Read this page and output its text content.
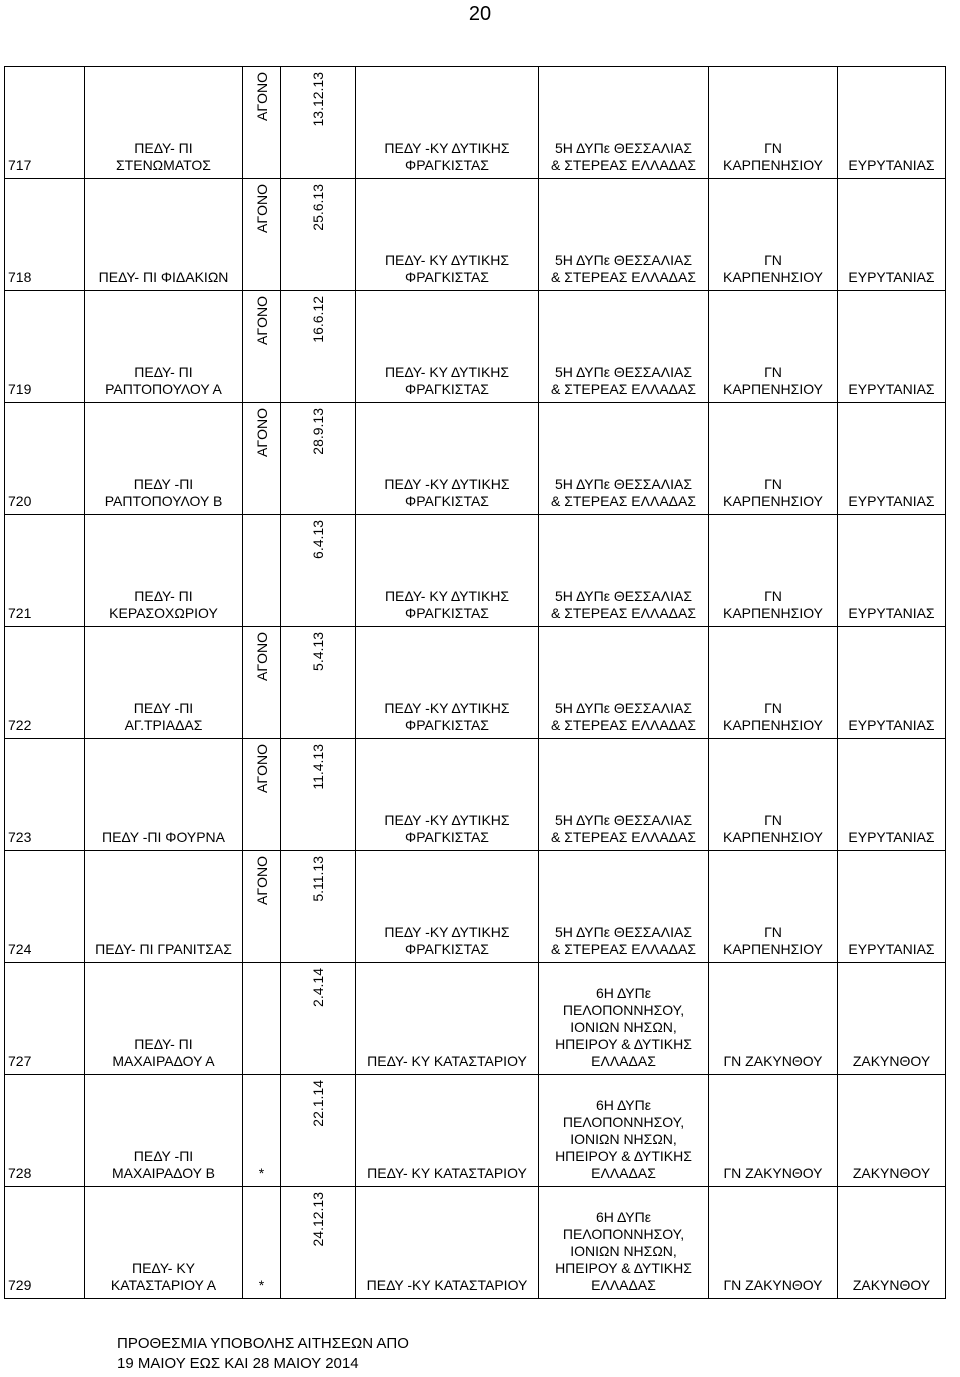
20
717	ΠΕΔΥ- ΠΙ
ΣΤΕΝΩΜΑΤΟΣ	ΑΓΟΝΟ	13.12.13	ΠΕΔΥ -ΚΥ ΔΥΤΙΚΗΣ
ΦΡΑΓΚΙΣΤΑΣ	5Η ΔΥΠε ΘΕΣΣΑΛΙΑΣ
& ΣΤΕΡΕΑΣ ΕΛΛΑΔΑΣ	ΓΝ
ΚΑΡΠΕΝΗΣΙΟΥ	ΕΥΡΥΤΑΝΙΑΣ
718	ΠΕΔΥ- ΠΙ ΦΙΔΑΚΙΩΝ	ΑΓΟΝΟ	25.6.13	ΠΕΔΥ- ΚΥ ΔΥΤΙΚΗΣ
ΦΡΑΓΚΙΣΤΑΣ	5Η ΔΥΠε ΘΕΣΣΑΛΙΑΣ
& ΣΤΕΡΕΑΣ ΕΛΛΑΔΑΣ	ΓΝ
ΚΑΡΠΕΝΗΣΙΟΥ	ΕΥΡΥΤΑΝΙΑΣ
719	ΠΕΔΥ- ΠΙ
ΡΑΠΤΟΠΟΥΛΟΥ Α	ΑΓΟΝΟ	16.6.12	ΠΕΔΥ- ΚΥ ΔΥΤΙΚΗΣ
ΦΡΑΓΚΙΣΤΑΣ	5Η ΔΥΠε ΘΕΣΣΑΛΙΑΣ
& ΣΤΕΡΕΑΣ ΕΛΛΑΔΑΣ	ΓΝ
ΚΑΡΠΕΝΗΣΙΟΥ	ΕΥΡΥΤΑΝΙΑΣ
720	ΠΕΔΥ -ΠΙ
ΡΑΠΤΟΠΟΥΛΟΥ Β	ΑΓΟΝΟ	28.9.13	ΠΕΔΥ -ΚΥ ΔΥΤΙΚΗΣ
ΦΡΑΓΚΙΣΤΑΣ	5Η ΔΥΠε ΘΕΣΣΑΛΙΑΣ
& ΣΤΕΡΕΑΣ ΕΛΛΑΔΑΣ	ΓΝ
ΚΑΡΠΕΝΗΣΙΟΥ	ΕΥΡΥΤΑΝΙΑΣ
721	ΠΕΔΥ- ΠΙ
ΚΕΡΑΣΟΧΩΡΙΟΥ		6.4.13	ΠΕΔΥ- ΚΥ ΔΥΤΙΚΗΣ
ΦΡΑΓΚΙΣΤΑΣ	5Η ΔΥΠε ΘΕΣΣΑΛΙΑΣ
& ΣΤΕΡΕΑΣ ΕΛΛΑΔΑΣ	ΓΝ
ΚΑΡΠΕΝΗΣΙΟΥ	ΕΥΡΥΤΑΝΙΑΣ
722	ΠΕΔΥ -ΠΙ
ΑΓ.ΤΡΙΑΔΑΣ	ΑΓΟΝΟ	5.4.13	ΠΕΔΥ -ΚΥ ΔΥΤΙΚΗΣ
ΦΡΑΓΚΙΣΤΑΣ	5Η ΔΥΠε ΘΕΣΣΑΛΙΑΣ
& ΣΤΕΡΕΑΣ ΕΛΛΑΔΑΣ	ΓΝ
ΚΑΡΠΕΝΗΣΙΟΥ	ΕΥΡΥΤΑΝΙΑΣ
723	ΠΕΔΥ -ΠΙ ΦΟΥΡΝΑ	ΑΓΟΝΟ	11.4.13	ΠΕΔΥ -ΚΥ ΔΥΤΙΚΗΣ
ΦΡΑΓΚΙΣΤΑΣ	5Η ΔΥΠε ΘΕΣΣΑΛΙΑΣ
& ΣΤΕΡΕΑΣ ΕΛΛΑΔΑΣ	ΓΝ
ΚΑΡΠΕΝΗΣΙΟΥ	ΕΥΡΥΤΑΝΙΑΣ
724	ΠΕΔΥ- ΠΙ ΓΡΑΝΙΤΣΑΣ	ΑΓΟΝΟ	5.11.13	ΠΕΔΥ -ΚΥ ΔΥΤΙΚΗΣ
ΦΡΑΓΚΙΣΤΑΣ	5Η ΔΥΠε ΘΕΣΣΑΛΙΑΣ
& ΣΤΕΡΕΑΣ ΕΛΛΑΔΑΣ	ΓΝ
ΚΑΡΠΕΝΗΣΙΟΥ	ΕΥΡΥΤΑΝΙΑΣ
727	ΠΕΔΥ- ΠΙ
ΜΑΧΑΙΡΑΔΟΥ Α		2.4.14	ΠΕΔΥ- ΚΥ ΚΑΤΑΣΤΑΡΙΟΥ	6Η ΔΥΠε
ΠΕΛΟΠΟΝΝΗΣΟΥ,
ΙΟΝΙΩΝ ΝΗΣΩΝ,
ΗΠΕΙΡΟΥ & ΔΥΤΙΚΗΣ
ΕΛΛΑΔΑΣ	ΓΝ ΖΑΚΥΝΘΟΥ	ΖΑΚΥΝΘΟΥ
728	ΠΕΔΥ -ΠΙ
ΜΑΧΑΙΡΑΔΟΥ Β	*	22.1.14	ΠΕΔΥ- ΚΥ ΚΑΤΑΣΤΑΡΙΟΥ	6Η ΔΥΠε
ΠΕΛΟΠΟΝΝΗΣΟΥ,
ΙΟΝΙΩΝ ΝΗΣΩΝ,
ΗΠΕΙΡΟΥ & ΔΥΤΙΚΗΣ
ΕΛΛΑΔΑΣ	ΓΝ ΖΑΚΥΝΘΟΥ	ΖΑΚΥΝΘΟΥ
729	ΠΕΔΥ- ΚΥ
ΚΑΤΑΣΤΑΡΙΟΥ Α	*	24.12.13	ΠΕΔΥ -ΚΥ ΚΑΤΑΣΤΑΡΙΟΥ	6Η ΔΥΠε
ΠΕΛΟΠΟΝΝΗΣΟΥ,
ΙΟΝΙΩΝ ΝΗΣΩΝ,
ΗΠΕΙΡΟΥ & ΔΥΤΙΚΗΣ
ΕΛΛΑΔΑΣ	ΓΝ ΖΑΚΥΝΘΟΥ	ΖΑΚΥΝΘΟΥ
ΠΡΟΘΕΣΜΙΑ ΥΠΟΒΟΛΗΣ ΑΙΤΗΣΕΩΝ ΑΠΟ
19 ΜΑΙΟΥ ΕΩΣ ΚΑΙ 28 ΜΑΙΟΥ 2014
